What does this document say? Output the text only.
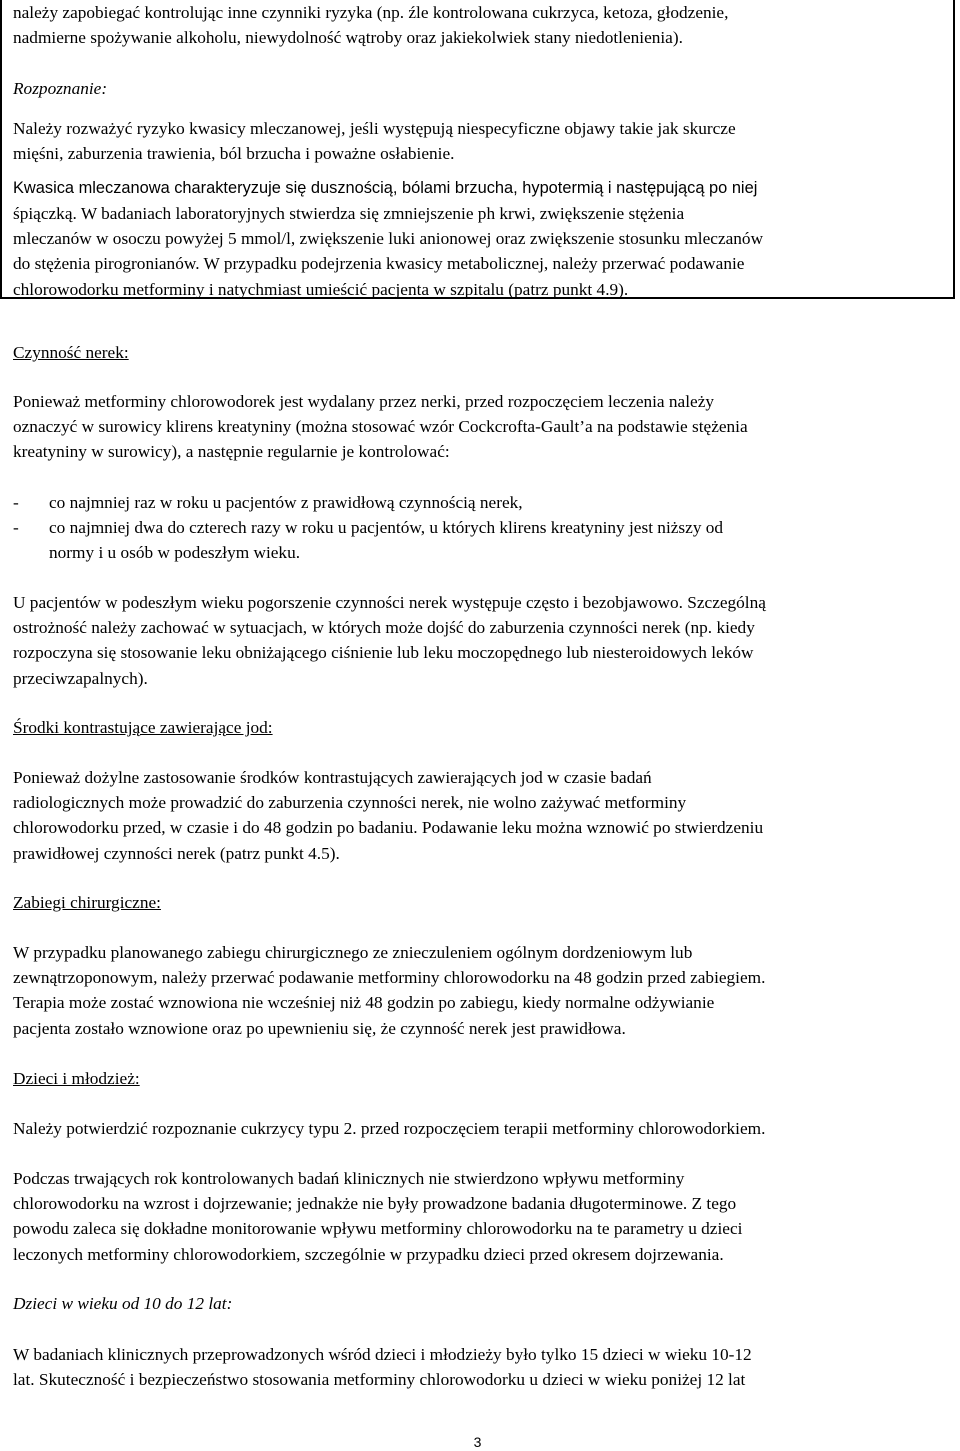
należy zapobiegać kontrolując inne czynniki ryzyka (np. źle kontrolowana cukrzyca, ketoza, głodzenie,
nadmierne spożywanie alkoholu, niewydolność wątroby oraz jakiekolwiek stany niedotlenienia).
Rozpoznanie:
Należy rozważyć ryzyko kwasicy mleczanowej, jeśli występują niespecyficzne objawy takie jak skurcze
mięśni, zaburzenia trawienia, ból brzucha i poważne osłabienie.
Kwasica mleczanowa charakteryzuje się dusznością, bólami brzucha, hypotermią i następującą po niej
śpiączką. W badaniach laboratoryjnych stwierdza się zmniejszenie ph krwi, zwiększenie stężenia
mleczanów w osoczu powyżej 5 mmol/l, zwiększenie luki anionowej oraz zwiększenie stosunku mleczanów
do stężenia pirogronianów. W przypadku podejrzenia kwasicy metabolicznej, należy przerwać podawanie
chlorowodorku metforminy i natychmiast umieścić pacjenta w szpitalu (patrz punkt 4.9).
Czynność nerek:
Ponieważ metforminy chlorowodorek jest wydalany przez nerki, przed rozpoczęciem leczenia należy
oznaczyć w surowicy klirens kreatyniny (można stosować wzór Cockcrofta-Gault’a na podstawie stężenia
kreatyniny w surowicy), a następnie regularnie je kontrolować:
- co najmniej raz w roku u pacjentów z prawidłową czynnością nerek,
- co najmniej dwa do czterech razy w roku u pacjentów, u których klirens kreatyniny jest niższy od
normy i u osób w podeszłym wieku.
U pacjentów w podeszłym wieku pogorszenie czynności nerek występuje często i bezobjawowo. Szczególną
ostrożność należy zachować w sytuacjach, w których może dojść do zaburzenia czynności nerek (np. kiedy
rozpoczyna się stosowanie leku obniżającego ciśnienie lub leku moczopędnego lub niesteroidowych leków
przeciwzapalnych).
Środki kontrastujące zawierające jod:
Ponieważ dożylne zastosowanie środków kontrastujących zawierających jod w czasie badań
radiologicznych może prowadzić do zaburzenia czynności nerek, nie wolno zażywać metforminy
chlorowodorku przed, w czasie i do 48 godzin po badaniu. Podawanie leku można wznowić po stwierdzeniu
prawidłowej czynności nerek (patrz punkt 4.5).
Zabiegi chirurgiczne:
W przypadku planowanego zabiegu chirurgicznego ze znieczuleniem ogólnym dordzeniowym lub
zewnątrzoponowym, należy przerwać podawanie metforminy chlorowodorku na 48 godzin przed zabiegiem.
Terapia może zostać wznowiona nie wcześniej niż 48 godzin po zabiegu, kiedy normalne odżywianie
pacjenta zostało wznowione oraz po upewnieniu się, że czynność nerek jest prawidłowa.
Dzieci i młodzież:
Należy potwierdzić rozpoznanie cukrzycy typu 2. przed rozpoczęciem terapii metforminy chlorowodorkiem.
Podczas trwających rok kontrolowanych badań klinicznych nie stwierdzono wpływu metforminy
chlorowodorku na wzrost i dojrzewanie; jednakże nie były prowadzone badania długoterminowe. Z tego
powodu zaleca się dokładne monitorowanie wpływu metforminy chlorowodorku na te parametry u dzieci
leczonych metforminy chlorowodorkiem, szczególnie w przypadku dzieci przed okresem dojrzewania.
Dzieci w wieku od 10 do 12 lat:
W badaniach klinicznych przeprowadzonych wśród dzieci i młodzieży było tylko 15 dzieci w wieku 10-12
lat. Skuteczność i bezpieczeństwo stosowania metforminy chlorowodorku u dzieci w wieku poniżej 12 lat
3
